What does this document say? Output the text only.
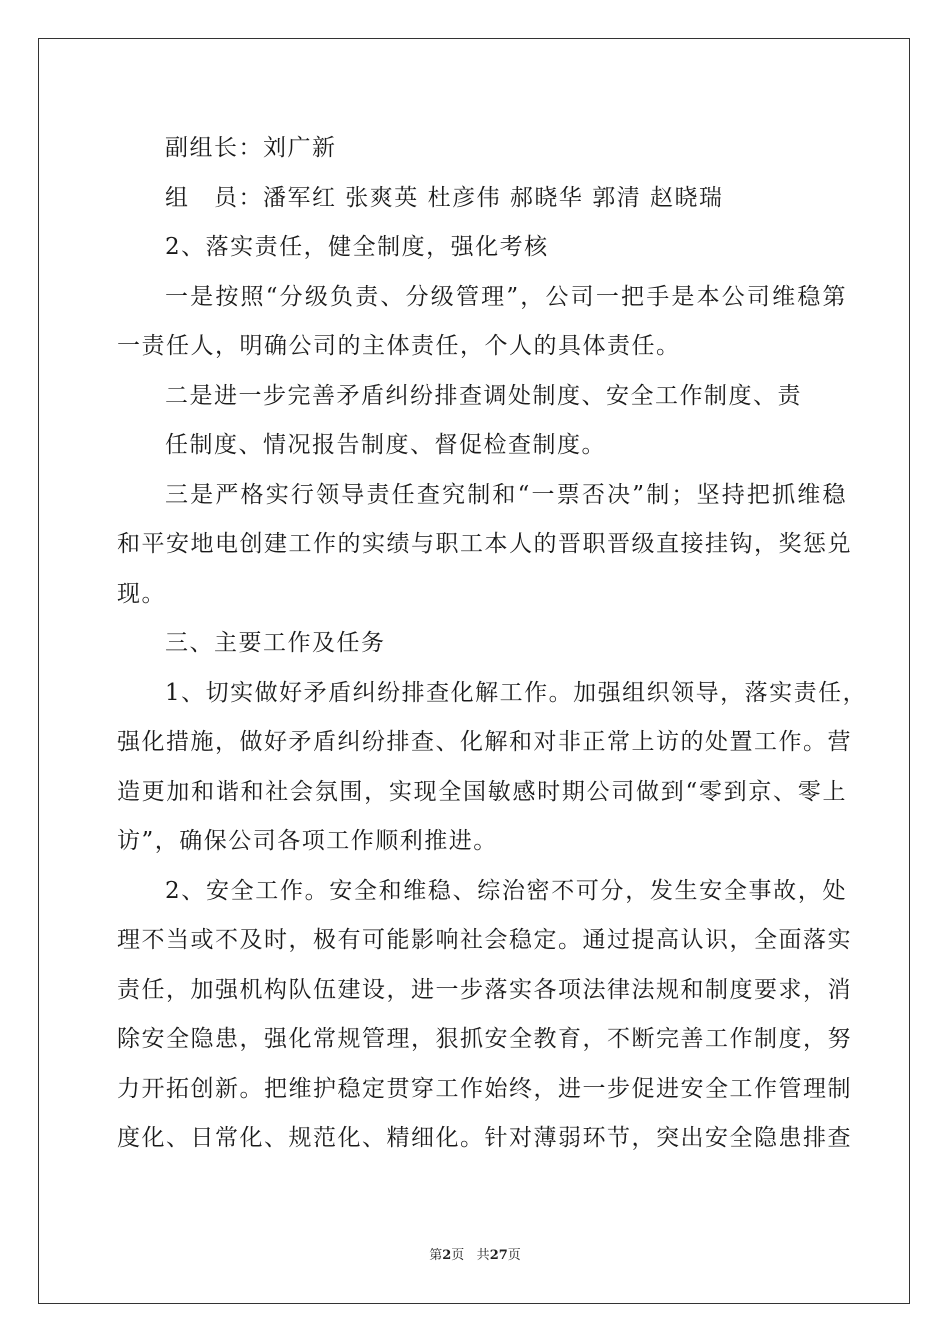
副组长：刘广新
组　员：潘军红 张爽英 杜彦伟 郝晓华 郭清 赵晓瑞
2、落实责任，健全制度，强化考核
一是按照“分级负责、分级管理”，公司一把手是本公司维稳第
一责任人，明确公司的主体责任，个人的具体责任。
二是进一步完善矛盾纠纷排查调处制度、安全工作制度、责
任制度、情况报告制度、督促检查制度。
三是严格实行领导责任查究制和“一票否决”制；坚持把抓维稳
和平安地电创建工作的实绩与职工本人的晋职晋级直接挂钩，奖惩兑
现。
三、主要工作及任务
1、切实做好矛盾纠纷排查化解工作。加强组织领导，落实责任，
强化措施，做好矛盾纠纷排查、化解和对非正常上访的处置工作。营
造更加和谐和社会氛围，实现全国敏感时期公司做到“零到京、零上
访”，确保公司各项工作顺利推进。
2、安全工作。安全和维稳、综治密不可分，发生安全事故，处
理不当或不及时，极有可能影响社会稳定。通过提高认识，全面落实
责任，加强机构队伍建设，进一步落实各项法律法规和制度要求，消
除安全隐患，强化常规管理，狠抓安全教育，不断完善工作制度，努
力开拓创新。把维护稳定贯穿工作始终，进一步促进安全工作管理制
度化、日常化、规范化、精细化。针对薄弱环节，突出安全隐患排查
第2页 共27页
